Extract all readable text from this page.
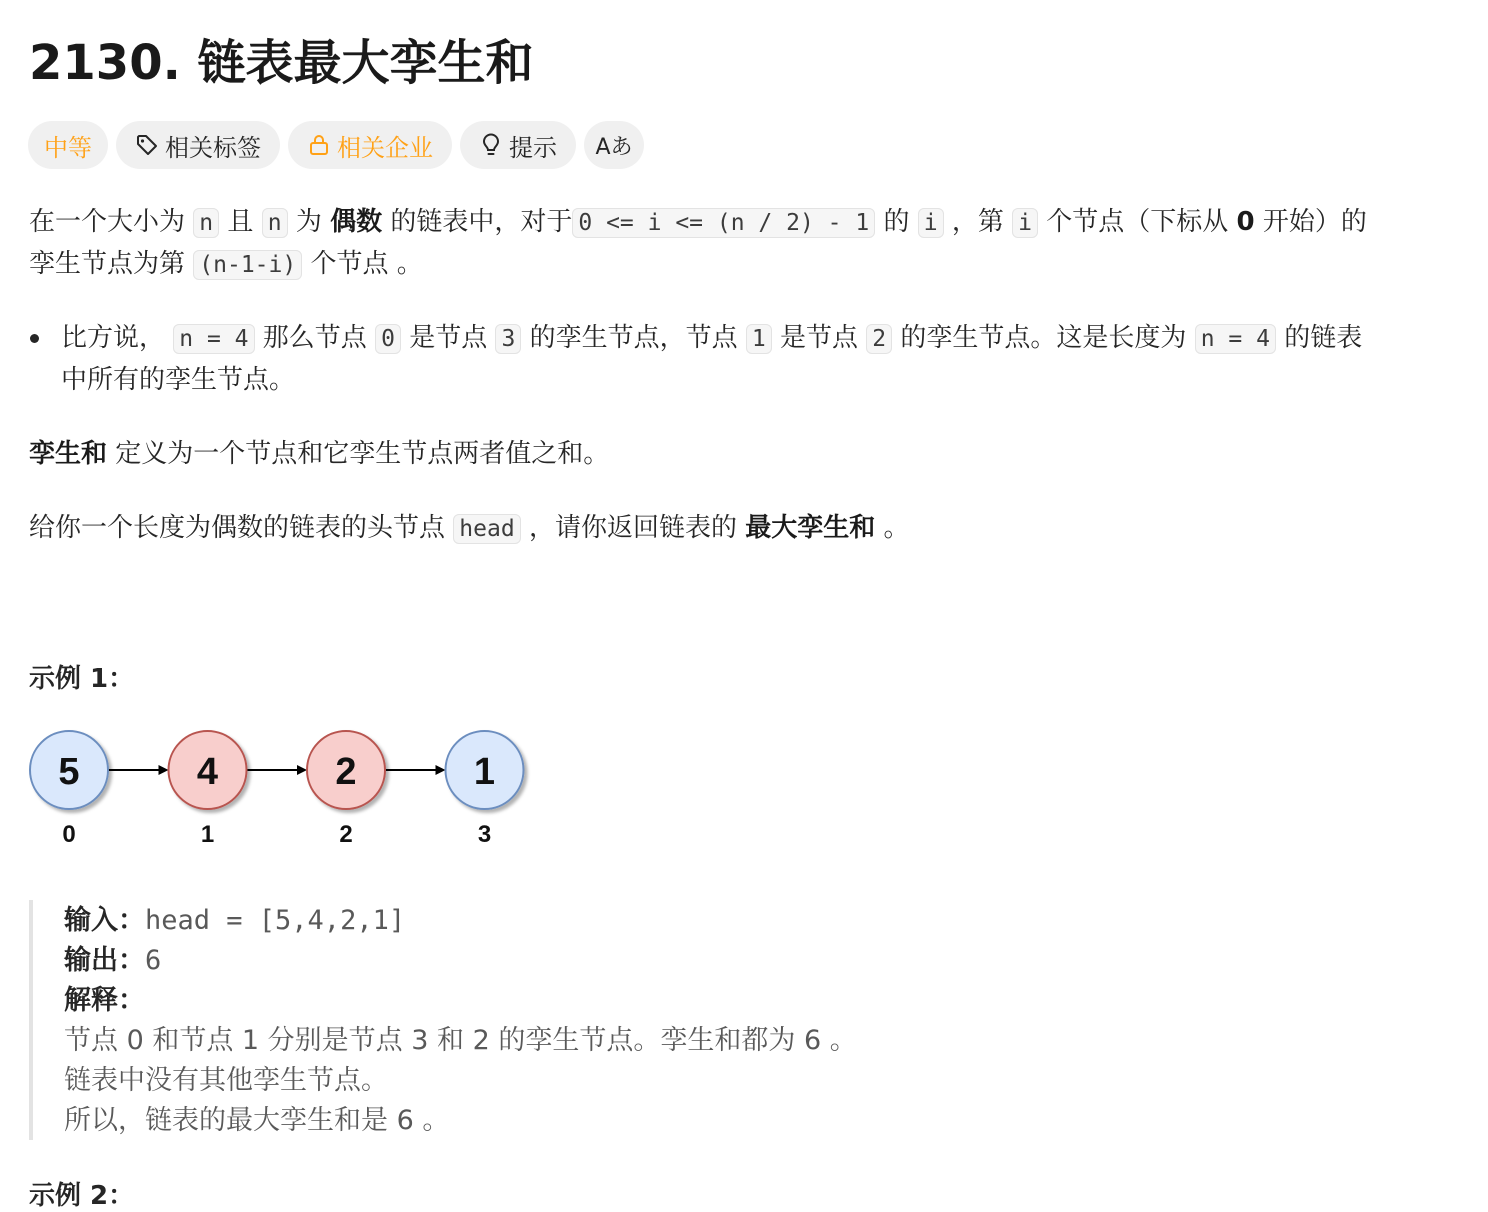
2130. 链表最大孪生和
中等	相关标签	相关企业	提示 Aあ

在一个大小为 n 且 n 为 偶数 的链表中，对于 0 <= i <= (n / 2) - 1 的 i ，第 i 个节点（下标从 0 开始）的

孪生节点为第 (n-1-i) 个节点 。

比方说， n = 4 那么节点 0 是节点 3 的孪生节点，节点 1 是节点 2 的孪生节点。这是长度为 n = 4 的链表

中所有的孪生节点。

孪生和 定义为一个节点和它孪生节点两者值之和。

给你一个长度为偶数的链表的头节点 head ，请你返回链表的 最大孪生和 。

示例 1：

5
0
4
1
2
2
1
3

输入：head = [5,4,2,1]

输出：6

解释：

节点 0 和节点 1 分别是节点 3 和 2 的孪生节点。孪生和都为 6 。

链表中没有其他孪生节点。

所以，链表的最大孪生和是 6 。

示例 2：
